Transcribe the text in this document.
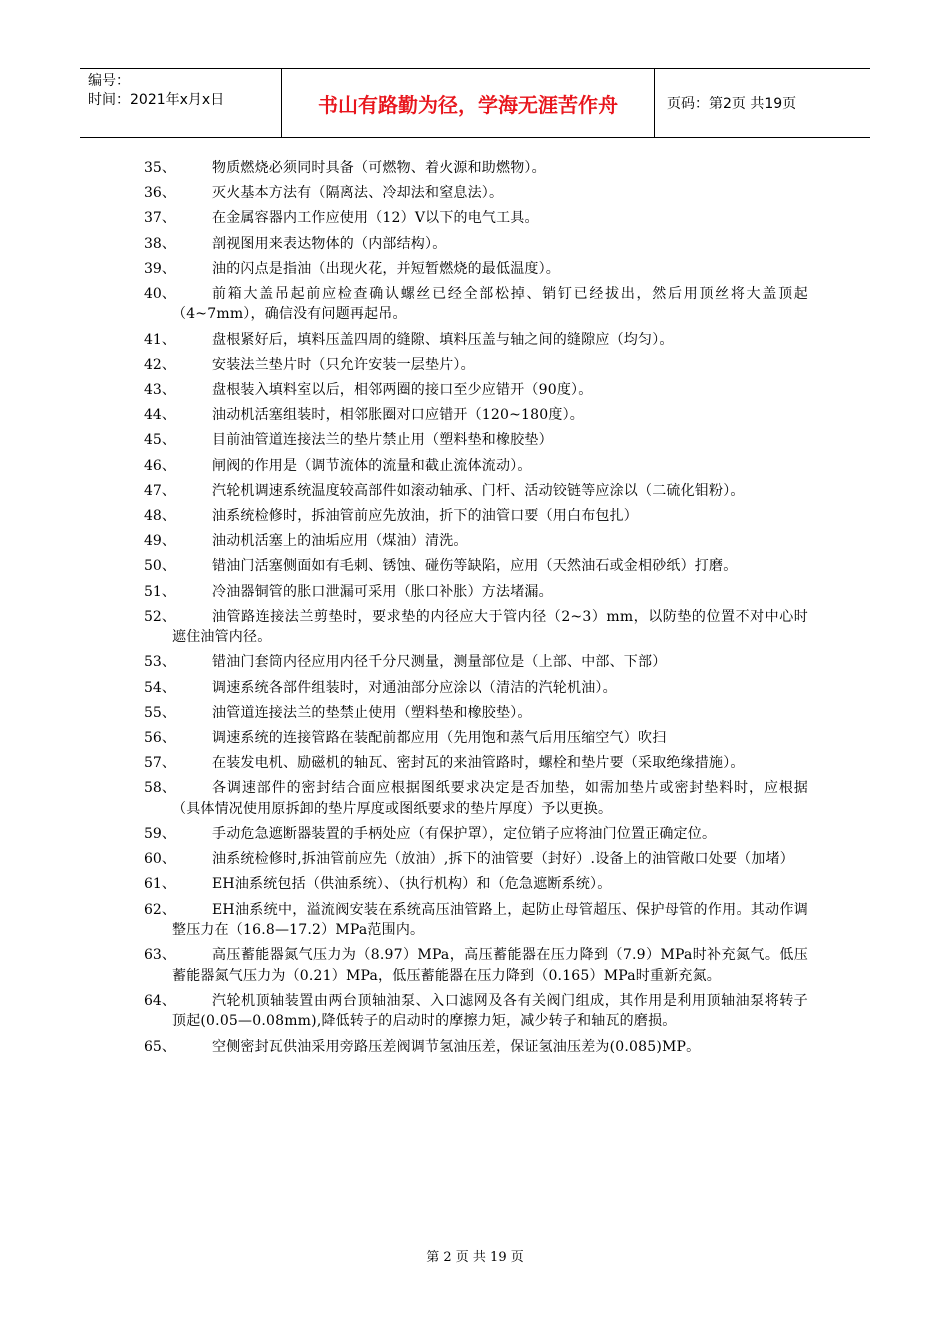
编号：
时间：2021年x月x日	书山有路勤为径，学海无涯苦作舟	页码：第2页 共19页
35、	物质燃烧必须同时具备（可燃物、着火源和助燃物）。
36、	灭火基本方法有（隔离法、冷却法和窒息法）。
37、	在金属容器内工作应使用（12）V以下的电气工具。
38、	剖视图用来表达物体的（内部结构）。
39、	油的闪点是指油（出现火花，并短暂燃烧的最低温度）。
40、	前箱大盖吊起前应检查确认螺丝已经全部松掉、销钉已经拔出，然后用顶丝将大盖顶起（4~7mm），确信没有问题再起吊。
41、	盘根紧好后，填料压盖四周的缝隙、填料压盖与轴之间的缝隙应（均匀）。
42、	安装法兰垫片时（只允许安装一层垫片）。
43、	盘根装入填料室以后，相邻两圈的接口至少应错开（90度）。
44、	油动机活塞组装时，相邻胀圈对口应错开（120~180度）。
45、	目前油管道连接法兰的垫片禁止用（塑料垫和橡胶垫）
46、	闸阀的作用是（调节流体的流量和截止流体流动）。
47、	汽轮机调速系统温度较高部件如滚动轴承、门杆、活动铰链等应涂以（二硫化钼粉）。
48、	油系统检修时，拆油管前应先放油，折下的油管口要（用白布包扎）
49、	油动机活塞上的油垢应用（煤油）清洗。
50、	错油门活塞侧面如有毛刺、锈蚀、碰伤等缺陷，应用（天然油石或金相砂纸）打磨。
51、	冷油器铜管的胀口泄漏可采用（胀口补胀）方法堵漏。
52、	油管路连接法兰剪垫时，要求垫的内径应大于管内径（2~3）mm，以防垫的位置不对中心时遮住油管内径。
53、	错油门套筒内径应用内径千分尺测量，测量部位是（上部、中部、下部）
54、	调速系统各部件组装时，对通油部分应涂以（清洁的汽轮机油）。
55、	油管道连接法兰的垫禁止使用（塑料垫和橡胶垫）。
56、	调速系统的连接管路在装配前都应用（先用饱和蒸气后用压缩空气）吹扫
57、	在装发电机、励磁机的轴瓦、密封瓦的来油管路时，螺栓和垫片要（采取绝缘措施）。
58、	各调速部件的密封结合面应根据图纸要求决定是否加垫，如需加垫片或密封垫料时，应根据（具体情况使用原拆卸的垫片厚度或图纸要求的垫片厚度）予以更换。
59、	手动危急遮断器装置的手柄处应（有保护罩），定位销子应将油门位置正确定位。
60、	油系统检修时,拆油管前应先（放油）,拆下的油管要（封好）.设备上的油管敞口处要（加堵）
61、	EH油系统包括（供油系统）、（执行机构）和（危急遮断系统）。
62、	EH油系统中，溢流阀安装在系统高压油管路上，起防止母管超压、保护母管的作用。其动作调整压力在（16.8—17.2）MPa范围内。
63、	高压蓄能器氮气压力为（8.97）MPa，高压蓄能器在压力降到（7.9）MPa时补充氮气。低压蓄能器氮气压力为（0.21）MPa，低压蓄能器在压力降到（0.165）MPa时重新充氮。
64、	汽轮机顶轴装置由两台顶轴油泵、入口滤网及各有关阀门组成，其作用是利用顶轴油泵将转子顶起(0.05—0.08mm),降低转子的启动时的摩擦力矩，减少转子和轴瓦的磨损。
65、	空侧密封瓦供油采用旁路压差阀调节氢油压差，保证氢油压差为(0.085)MP。
第 2 页 共 19 页
